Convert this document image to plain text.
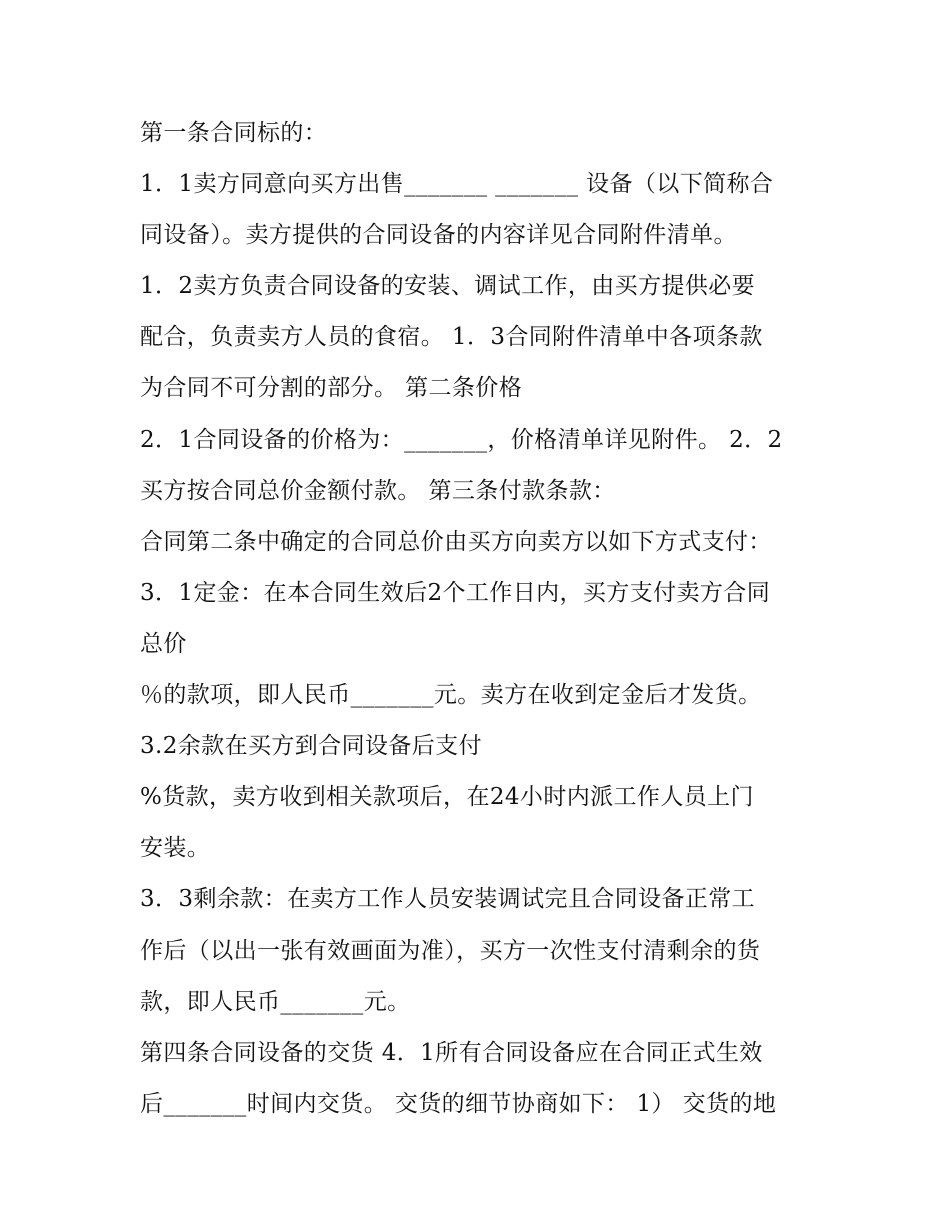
第一条合同标的：
1．1卖方同意向买方出售_______ _______ 设备（以下简称合
同设备）。卖方提供的合同设备的内容详见合同附件清单。
1．2卖方负责合同设备的安装、调试工作，由买方提供必要
配合，负责卖方人员的食宿。 1．3合同附件清单中各项条款
为合同不可分割的部分。 第二条价格
2．1合同设备的价格为：_______，价格清单详见附件。 2．2
买方按合同总价金额付款。 第三条付款条款：
合同第二条中确定的合同总价由买方向卖方以如下方式支付：
3．1定金：在本合同生效后2个工作日内，买方支付卖方合同
总价
％的款项，即人民币_______元。卖方在收到定金后才发货。
3.2余款在买方到合同设备后支付
%货款，卖方收到相关款项后，在24小时内派工作人员上门
安装。
3．3剩余款：在卖方工作人员安装调试完且合同设备正常工
作后（以出一张有效画面为准），买方一次性支付清剩余的货
款，即人民币_______元。
第四条合同设备的交货 4．1所有合同设备应在合同正式生效
后_______时间内交货。 交货的细节协商如下： 1） 交货的地
